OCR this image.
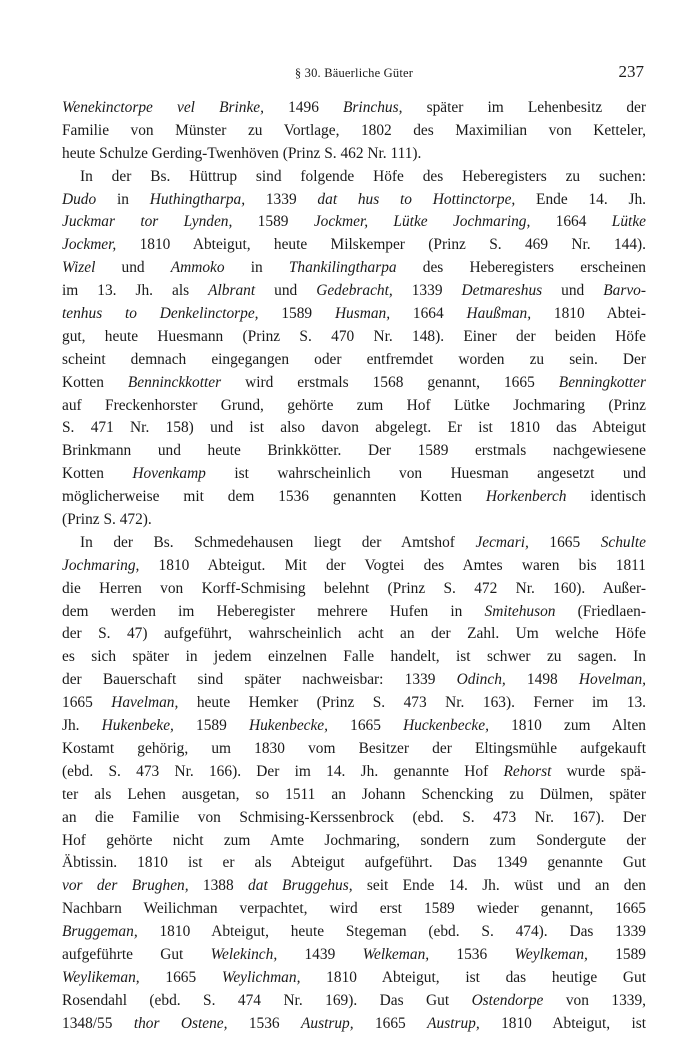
§ 30. Bäuerliche Güter	237
Wenekinctorpe vel Brinke, 1496 Brinchus, später im Lehenbesitz der
Familie von Münster zu Vortlage, 1802 des Maximilian von Ketteler,
heute Schulze Gerding-Twenhöven (Prinz S. 462 Nr. 111).
In der Bs. Hüttrup sind folgende Höfe des Heberegisters zu suchen:
Dudo in Huthingtharpa, 1339 dat hus to Hottinctorpe, Ende 14. Jh.
Juckmar tor Lynden, 1589 Jockmer, Lütke Jochmaring, 1664 Lütke
Jockmer, 1810 Abteigut, heute Milskemper (Prinz S. 469 Nr. 144).
Wizel und Ammoko in Thankilingtharpa des Heberegisters erscheinen
im 13. Jh. als Albrant und Gedebracht, 1339 Detmareshus und Barvo-
tenhus to Denkelinctorpe, 1589 Husman, 1664 Haußman, 1810 Abtei-
gut, heute Huesmann (Prinz S. 470 Nr. 148). Einer der beiden Höfe
scheint demnach eingegangen oder entfremdet worden zu sein. Der
Kotten Benninckkotter wird erstmals 1568 genannt, 1665 Benningkotter
auf Freckenhorster Grund, gehörte zum Hof Lütke Jochmaring (Prinz
S. 471 Nr. 158) und ist also davon abgelegt. Er ist 1810 das Abteigut
Brinkmann und heute Brinkkötter. Der 1589 erstmals nachgewiesene
Kotten Hovenkamp ist wahrscheinlich von Huesman angesetzt und
möglicherweise mit dem 1536 genannten Kotten Horkenberch identisch
(Prinz S. 472).
In der Bs. Schmedehausen liegt der Amtshof Jecmari, 1665 Schulte
Jochmaring, 1810 Abteigut. Mit der Vogtei des Amtes waren bis 1811
die Herren von Korff-Schmising belehnt (Prinz S. 472 Nr. 160). Außer-
dem werden im Heberegister mehrere Hufen in Smitehuson (Friedlaen-
der S. 47) aufgeführt, wahrscheinlich acht an der Zahl. Um welche Höfe
es sich später in jedem einzelnen Falle handelt, ist schwer zu sagen. In
der Bauerschaft sind später nachweisbar: 1339 Odinch, 1498 Hovelman,
1665 Havelman, heute Hemker (Prinz S. 473 Nr. 163). Ferner im 13.
Jh. Hukenbeke, 1589 Hukenbecke, 1665 Huckenbecke, 1810 zum Alten
Kostamt gehörig, um 1830 vom Besitzer der Eltingsmühle aufgekauft
(ebd. S. 473 Nr. 166). Der im 14. Jh. genannte Hof Rehorst wurde spä-
ter als Lehen ausgetan, so 1511 an Johann Schencking zu Dülmen, später
an die Familie von Schmising-Kerssenbrock (ebd. S. 473 Nr. 167). Der
Hof gehörte nicht zum Amte Jochmaring, sondern zum Sondergute der
Äbtissin. 1810 ist er als Abteigut aufgeführt. Das 1349 genannte Gut
vor der Brughen, 1388 dat Bruggehus, seit Ende 14. Jh. wüst und an den
Nachbarn Weilichman verpachtet, wird erst 1589 wieder genannt, 1665
Bruggeman, 1810 Abteigut, heute Stegeman (ebd. S. 474). Das 1339
aufgeführte Gut Welekinch, 1439 Welkeman, 1536 Weylkeman, 1589
Weylikeman, 1665 Weylichman, 1810 Abteigut, ist das heutige Gut
Rosendahl (ebd. S. 474 Nr. 169). Das Gut Ostendorpe von 1339,
1348/55 thor Ostene, 1536 Austrup, 1665 Austrup, 1810 Abteigut, ist
